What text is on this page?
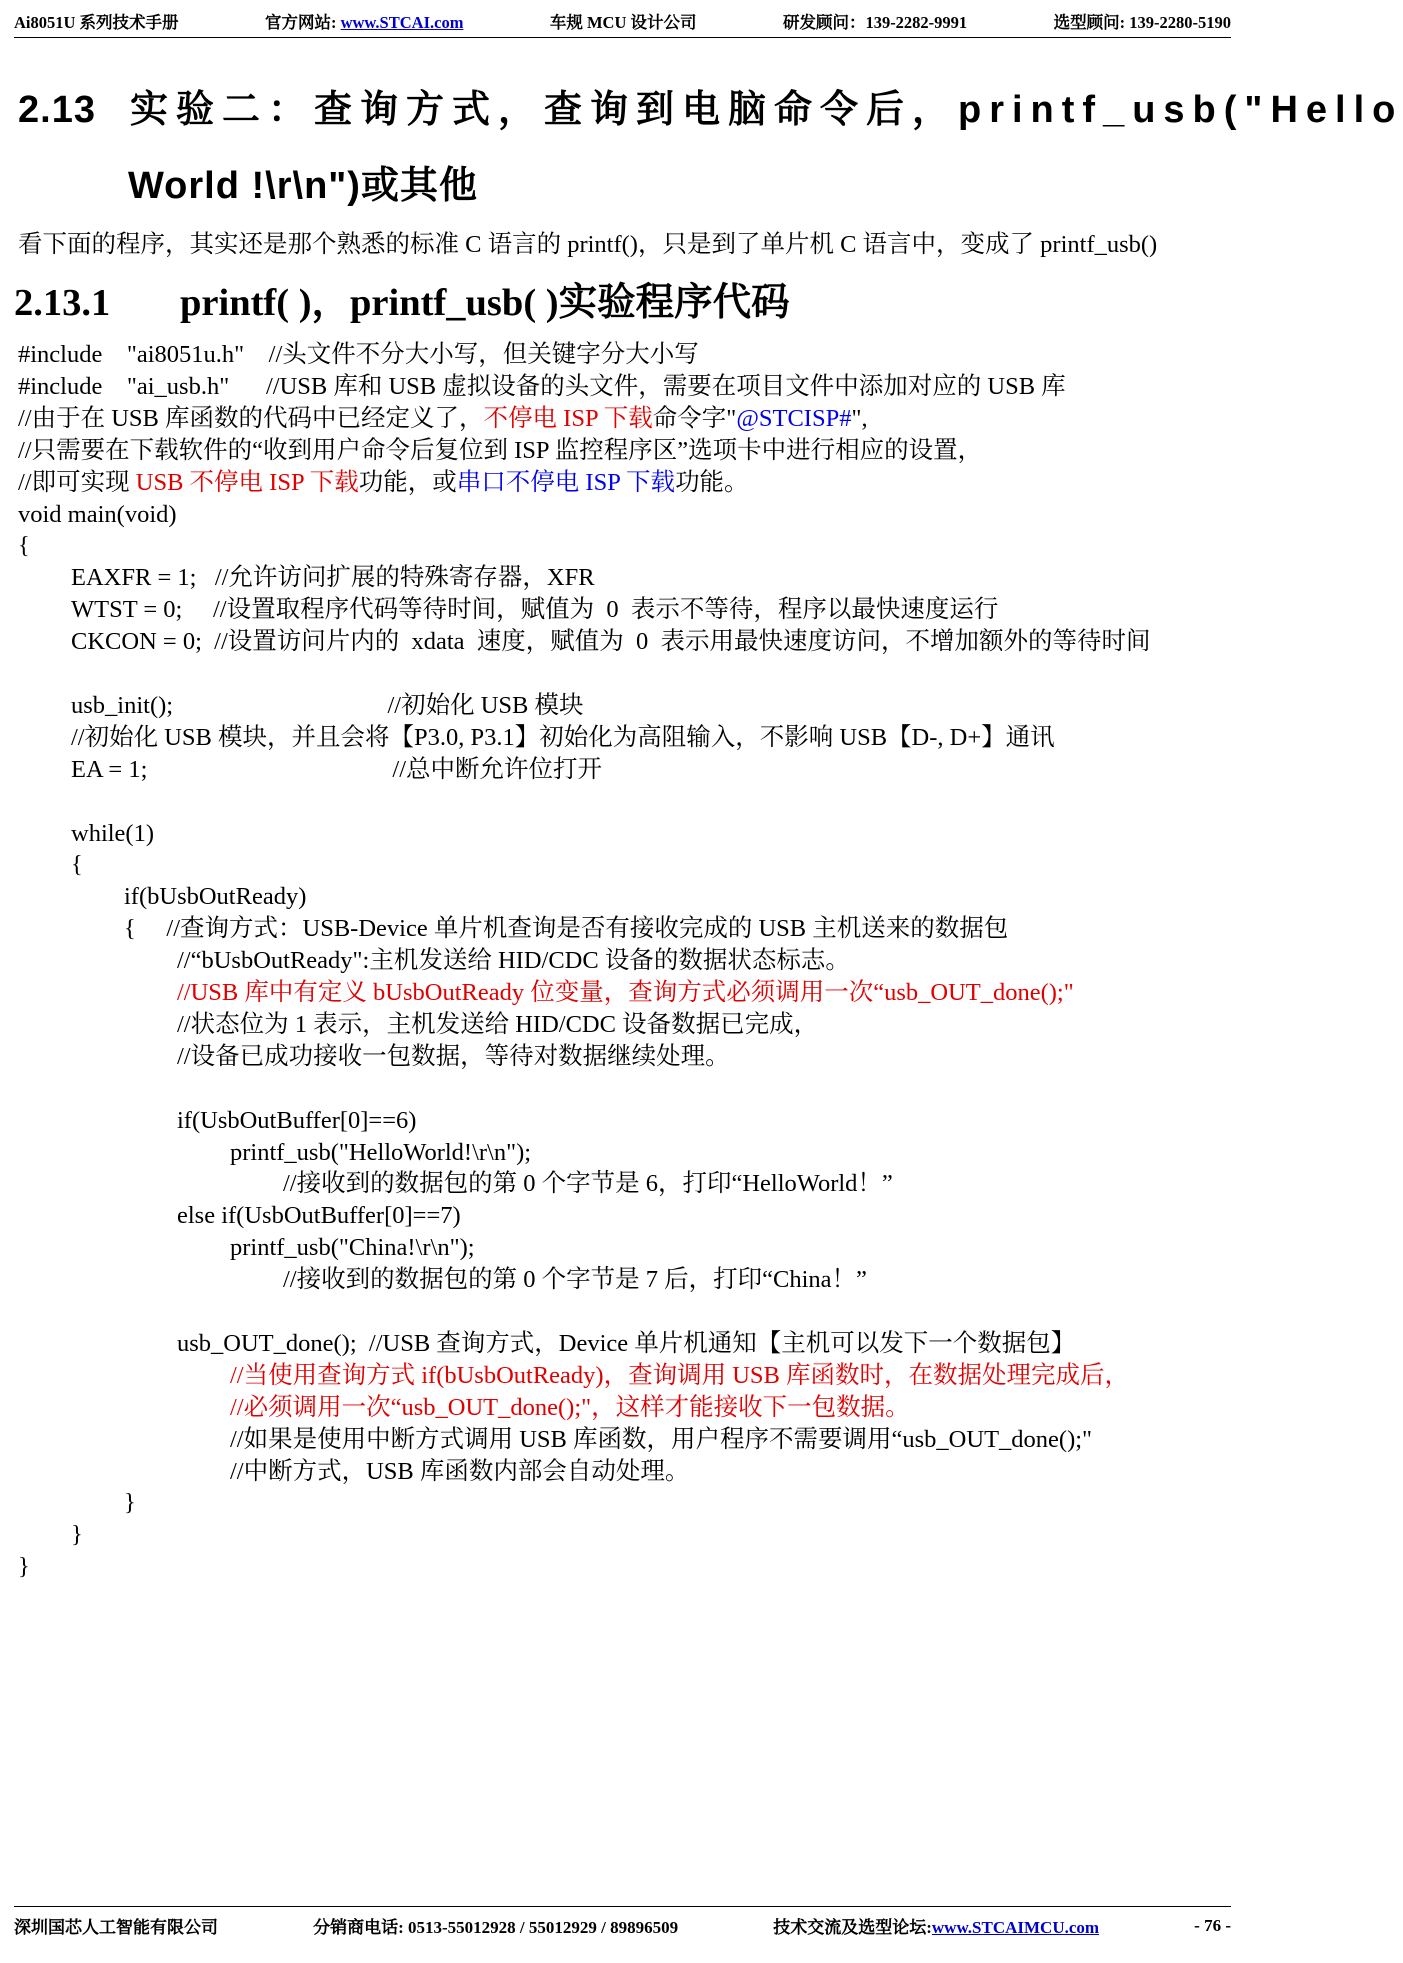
Ai8051U 系列技术手册	官方网站: www.STCAI.com	车规 MCU 设计公司	研发顾问：139-2282-9991	选型顾问: 139-2280-5190
2.13 实验二：查询方式，查询到电脑命令后，printf_usb("Hello
World !\r\n")或其他
看下面的程序，其实还是那个熟悉的标准 C 语言的 printf()，只是到了单片机 C 语言中，变成了 printf_usb()
2.13.1 printf( )，printf_usb( )实验程序代码
#include    "ai8051u.h"    //头文件不分大小写，但关键字分大小写
#include    "ai_usb.h"      //USB 库和 USB 虚拟设备的头文件，需要在项目文件中添加对应的 USB 库
//由于在 USB 库函数的代码中已经定义了，不停电 ISP 下载命令字"@STCISP#",
//只需要在下载软件的“收到用户命令后复位到 ISP 监控程序区”选项卡中进行相应的设置，
//即可实现 USB 不停电 ISP 下载功能，或串口不停电 ISP 下载功能。
void main(void)
{
EAXFR = 1;   //允许访问扩展的特殊寄存器，XFR
WTST = 0;     //设置取程序代码等待时间，赋值为  0  表示不等待，程序以最快速度运行
CKCON = 0;  //设置访问片内的  xdata  速度，赋值为  0  表示用最快速度访问，不增加额外的等待时间
usb_init();                                   //初始化 USB 模块
//初始化 USB 模块，并且会将【P3.0, P3.1】初始化为高阻输入，不影响 USB【D-, D+】通讯
EA = 1;                                        //总中断允许位打开
while(1)
{
if(bUsbOutReady)
{     //查询方式：USB-Device 单片机查询是否有接收完成的 USB 主机送来的数据包
//“bUsbOutReady":主机发送给 HID/CDC 设备的数据状态标志。
//USB 库中有定义 bUsbOutReady 位变量，查询方式必须调用一次“usb_OUT_done();"
//状态位为 1 表示，主机发送给 HID/CDC 设备数据已完成，
//设备已成功接收一包数据，等待对数据继续处理。
if(UsbOutBuffer[0]==6)
printf_usb("HelloWorld!\r\n");
//接收到的数据包的第 0 个字节是 6，打印“HelloWorld！”
else if(UsbOutBuffer[0]==7)
printf_usb("China!\r\n");
//接收到的数据包的第 0 个字节是 7 后，打印“China！”
usb_OUT_done();  //USB 查询方式，Device 单片机通知【主机可以发下一个数据包】
//当使用查询方式 if(bUsbOutReady)，查询调用 USB 库函数时，在数据处理完成后，
//必须调用一次“usb_OUT_done();"，这样才能接收下一包数据。
//如果是使用中断方式调用 USB 库函数，用户程序不需要调用“usb_OUT_done();"
//中断方式，USB 库函数内部会自动处理。
}
}
}
深圳国芯人工智能有限公司	分销商电话: 0513-55012928 / 55012929 / 89896509	技术交流及选型论坛:www.STCAIMCU.com	- 76 -
